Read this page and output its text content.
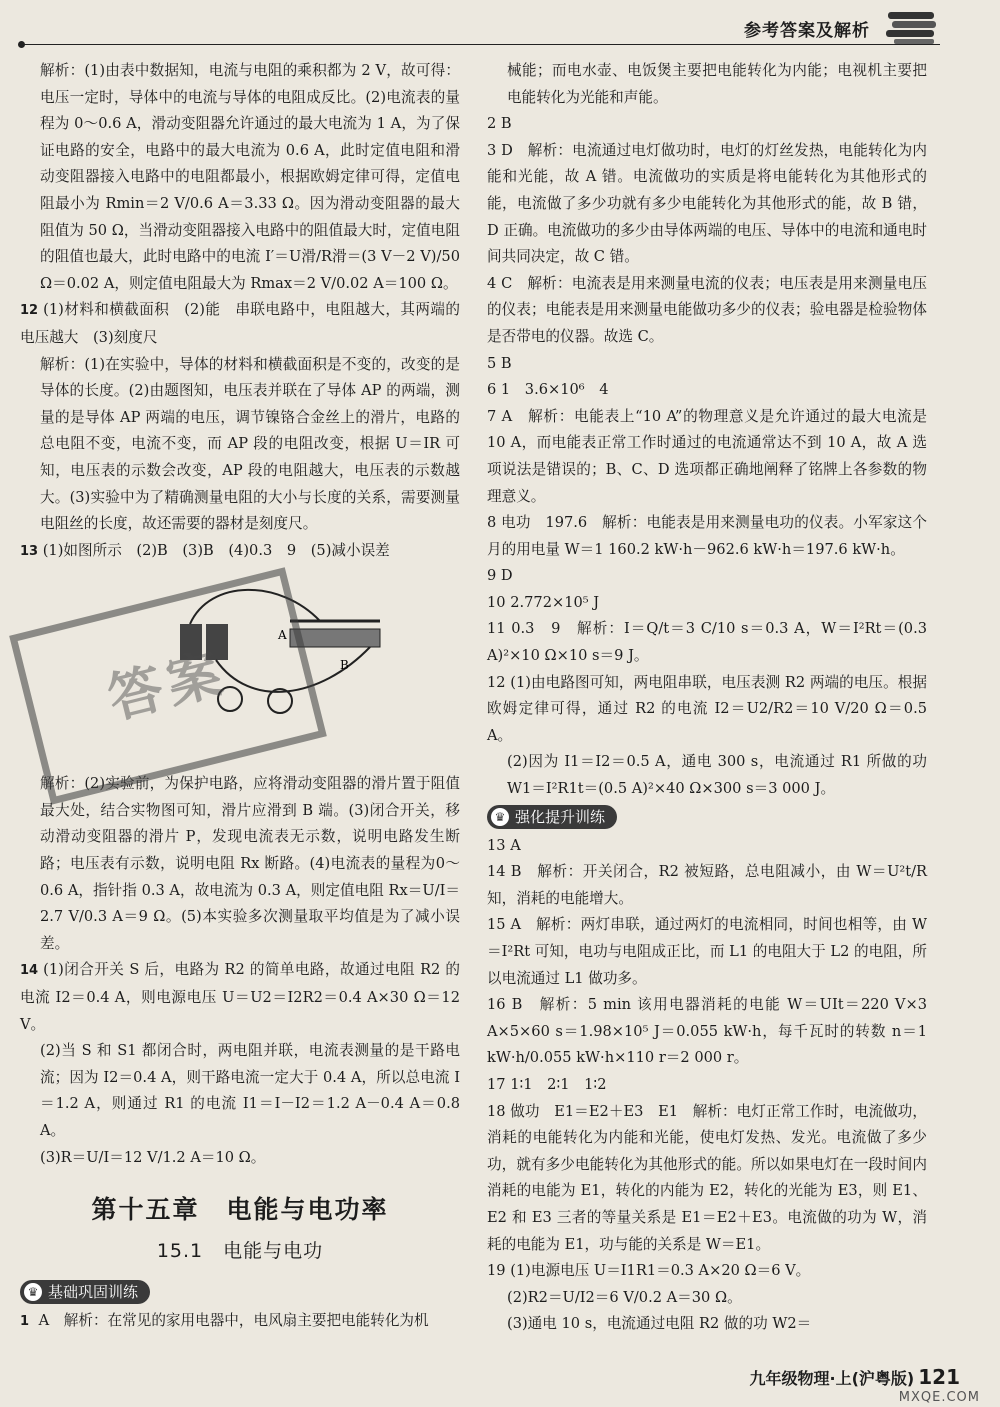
参考答案及解析

解析：(1)由表中数据知，电流与电阻的乘积都为 2 V，故可得：电压一定时，导体中的电流与导体的电阻成反比。(2)电流表的量程为 0～0.6 A，滑动变阻器允许通过的最大电流为 1 A，为了保证电路的安全，电路中的最大电流为 0.6 A，此时定值电阻和滑动变阻器接入电路中的电阻都最小，根据欧姆定律可得，定值电阻最小为 Rmin＝2 V/0.6 A＝3.33 Ω。因为滑动变阻器的最大阻值为 50 Ω，当滑动变阻器接入电路中的阻值最大时，定值电阻的阻值也最大，此时电路中的电流 I′＝U滑/R滑＝(3 V－2 V)/50 Ω＝0.02 A，则定值电阻最大为 Rmax＝2 V/0.02 A＝100 Ω。

12 (1)材料和横截面积　(2)能　串联电路中，电阻越大，其两端的电压越大　(3)刻度尺

解析：(1)在实验中，导体的材料和横截面积是不变的，改变的是导体的长度。(2)由题图知，电压表并联在了导体 AP 的两端，测量的是导体 AP 两端的电压，调节镍铬合金丝上的滑片，电路的总电阻不变，电流不变，而 AP 段的电阻改变，根据 U＝IR 可知，电压表的示数会改变，AP 段的电阻越大，电压表的示数越大。(3)实验中为了精确测量电阻的大小与长度的关系，需要测量电阻丝的长度，故还需要的器材是刻度尺。

13 (1)如图所示　(2)B　(3)B　(4)0.3　9　(5)减小误差

A
B
答案

解析：(2)实验前，为保护电路，应将滑动变阻器的滑片置于阻值最大处，结合实物图可知，滑片应滑到 B 端。(3)闭合开关，移动滑动变阻器的滑片 P，发现电流表无示数，说明电路发生断路；电压表有示数，说明电阻 Rx 断路。(4)电流表的量程为0～0.6 A，指针指 0.3 A，故电流为 0.3 A，则定值电阻 Rx＝U/I＝2.7 V/0.3 A＝9 Ω。(5)本实验多次测量取平均值是为了减小误差。

14 (1)闭合开关 S 后，电路为 R2 的简单电路，故通过电阻 R2 的电流 I2＝0.4 A，则电源电压 U＝U2＝I2R2＝0.4 A×30 Ω＝12 V。

(2)当 S 和 S1 都闭合时，两电阻并联，电流表测量的是干路电流；因为 I2＝0.4 A，则干路电流一定大于 0.4 A，所以总电流 I＝1.2 A，则通过 R1 的电流 I1＝I－I2＝1.2 A－0.4 A＝0.8 A。

(3)R＝U/I＝12 V/1.2 A＝10 Ω。

第十五章　电能与电功率
15.1　电能与电功
♛ 基础巩固训练

1 A　解析：在常见的家用电器中，电风扇主要把电能转化为机

械能；而电水壶、电饭煲主要把电能转化为内能；电视机主要把电能转化为光能和声能。

2 B

3 D　解析：电流通过电灯做功时，电灯的灯丝发热，电能转化为内能和光能，故 A 错。电流做功的实质是将电能转化为其他形式的能，电流做了多少功就有多少电能转化为其他形式的能，故 B 错，D 正确。电流做功的多少由导体两端的电压、导体中的电流和通电时间共同决定，故 C 错。

4 C　解析：电流表是用来测量电流的仪表；电压表是用来测量电压的仪表；电能表是用来测量电能做功多少的仪表；验电器是检验物体是否带电的仪器。故选 C。

5 B

6 1　3.6×10⁶　4

7 A　解析：电能表上“10 A”的物理意义是允许通过的最大电流是 10 A，而电能表正常工作时通过的电流通常达不到 10 A，故 A 选项说法是错误的；B、C、D 选项都正确地阐释了铭牌上各参数的物理意义。

8 电功　197.6　解析：电能表是用来测量电功的仪表。小军家这个月的用电量 W＝1 160.2 kW·h－962.6 kW·h＝197.6 kW·h。

9 D

10 2.772×10⁵ J

11 0.3　9　解析：I＝Q/t＝3 C/10 s＝0.3 A，W＝I²Rt＝(0.3 A)²×10 Ω×10 s＝9 J。

12 (1)由电路图可知，两电阻串联，电压表测 R2 两端的电压。根据欧姆定律可得，通过 R2 的电流 I2＝U2/R2＝10 V/20 Ω＝0.5 A。

(2)因为 I1＝I2＝0.5 A，通电 300 s，电流通过 R1 所做的功 W1＝I²R1t＝(0.5 A)²×40 Ω×300 s＝3 000 J。

♛ 强化提升训练

13 A

14 B　解析：开关闭合，R2 被短路，总电阻减小，由 W＝U²t/R 知，消耗的电能增大。

15 A　解析：两灯串联，通过两灯的电流相同，时间也相等，由 W＝I²Rt 可知，电功与电阻成正比，而 L1 的电阻大于 L2 的电阻，所以电流通过 L1 做功多。

16 B　解析：5 min 该用电器消耗的电能 W＝UIt＝220 V×3 A×5×60 s＝1.98×10⁵ J＝0.055 kW·h，每千瓦时的转数 n＝1 kW·h/0.055 kW·h×110 r＝2 000 r。

17 1∶1　2∶1　1∶2

18 做功　E1＝E2＋E3　E1　解析：电灯正常工作时，电流做功，消耗的电能转化为内能和光能，使电灯发热、发光。电流做了多少功，就有多少电能转化为其他形式的能。所以如果电灯在一段时间内消耗的电能为 E1，转化的内能为 E2，转化的光能为 E3，则 E1、E2 和 E3 三者的等量关系是 E1＝E2＋E3。电流做的功为 W，消耗的电能为 E1，功与能的关系是 W＝E1。

19 (1)电源电压 U＝I1R1＝0.3 A×20 Ω＝6 V。

(2)R2＝U/I2＝6 V/0.2 A＝30 Ω。

(3)通电 10 s，电流通过电阻 R2 做的功 W2＝

九年级物理·上(沪粤版) 121
MXQE.COM
